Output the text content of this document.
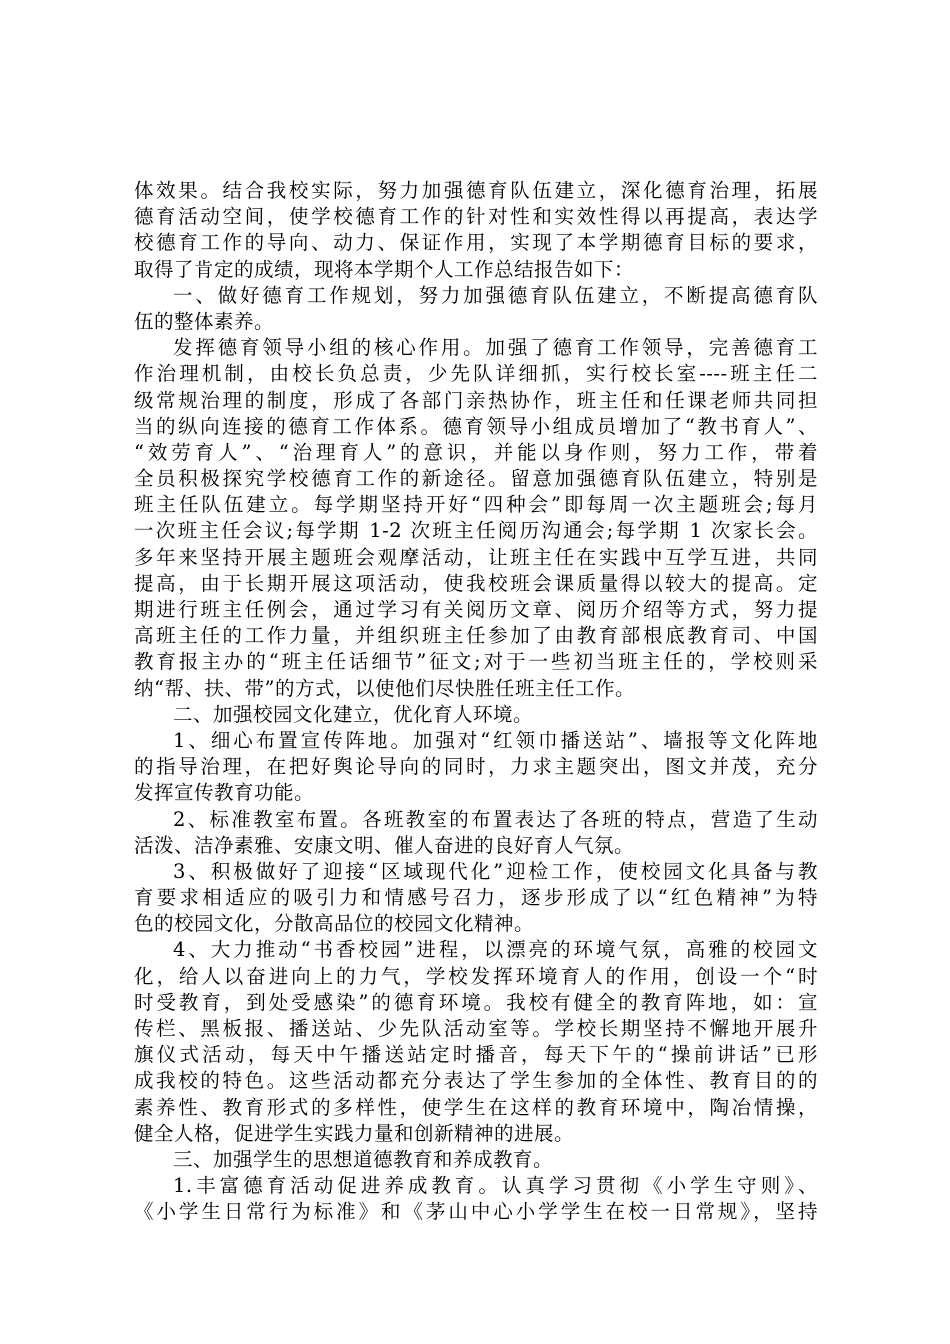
体效果。结合我校实际，努力加强德育队伍建立，深化德育治理，拓展
德育活动空间，使学校德育工作的针对性和实效性得以再提高，表达学
校德育工作的导向、动力、保证作用，实现了本学期德育目标的要求，
取得了肯定的成绩，现将本学期个人工作总结报告如下：
一、做好德育工作规划，努力加强德育队伍建立，不断提高德育队
伍的整体素养。
发挥德育领导小组的核心作用。加强了德育工作领导，完善德育工
作治理机制，由校长负总责，少先队详细抓，实行校长室----班主任二
级常规治理的制度，形成了各部门亲热协作，班主任和任课老师共同担
当的纵向连接的德育工作体系。德育领导小组成员增加了“教书育人”、
“效劳育人”、“治理育人”的意识，并能以身作则，努力工作，带着
全员积极探究学校德育工作的新途径。留意加强德育队伍建立，特别是
班主任队伍建立。每学期坚持开好“四种会”即每周一次主题班会;每月
一次班主任会议;每学期 1-2 次班主任阅历沟通会;每学期 1 次家长会。
多年来坚持开展主题班会观摩活动，让班主任在实践中互学互进，共同
提高，由于长期开展这项活动，使我校班会课质量得以较大的提高。定
期进行班主任例会，通过学习有关阅历文章、阅历介绍等方式，努力提
高班主任的工作力量，并组织班主任参加了由教育部根底教育司、中国
教育报主办的“班主任话细节”征文;对于一些初当班主任的，学校则采
纳“帮、扶、带”的方式，以使他们尽快胜任班主任工作。
二、加强校园文化建立，优化育人环境。
1、细心布置宣传阵地。加强对“红领巾播送站”、墙报等文化阵地
的指导治理，在把好舆论导向的同时，力求主题突出，图文并茂，充分
发挥宣传教育功能。
2、标准教室布置。各班教室的布置表达了各班的特点，营造了生动
活泼、洁净素雅、安康文明、催人奋进的良好育人气氛。
3、积极做好了迎接“区域现代化”迎检工作，使校园文化具备与教
育要求相适应的吸引力和情感号召力，逐步形成了以“红色精神”为特
色的校园文化，分散高品位的校园文化精神。
4、大力推动“书香校园”进程，以漂亮的环境气氛，高雅的校园文
化，给人以奋进向上的力气，学校发挥环境育人的作用，创设一个“时
时受教育，到处受感染”的德育环境。我校有健全的教育阵地，如：宣
传栏、黑板报、播送站、少先队活动室等。学校长期坚持不懈地开展升
旗仪式活动，每天中午播送站定时播音，每天下午的“操前讲话”已形
成我校的特色。这些活动都充分表达了学生参加的全体性、教育目的的
素养性、教育形式的多样性，使学生在这样的教育环境中，陶冶情操，
健全人格，促进学生实践力量和创新精神的进展。
三、加强学生的思想道德教育和养成教育。
1.丰富德育活动促进养成教育。认真学习贯彻《小学生守则》、
《小学生日常行为标准》和《茅山中心小学学生在校一日常规》，坚持
